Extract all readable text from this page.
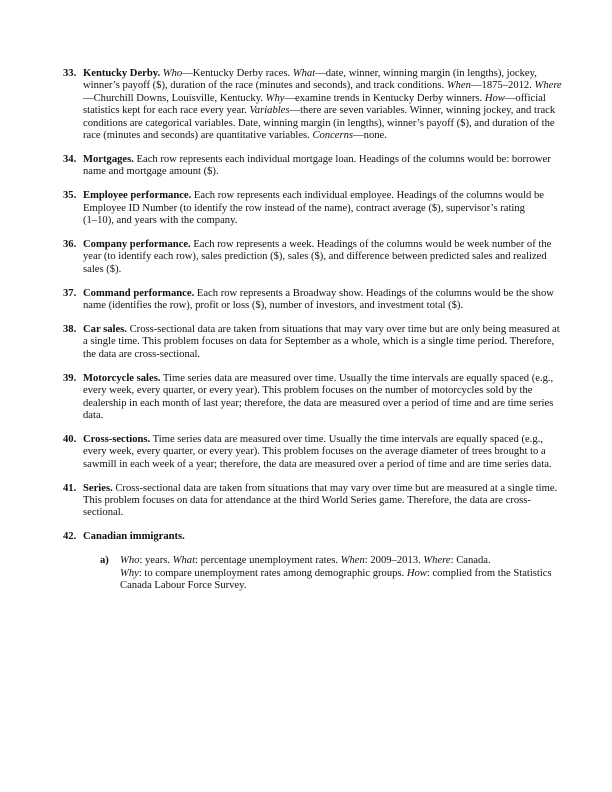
33. Kentucky Derby. Who—Kentucky Derby races. What—date, winner, winning margin (in lengths), jockey, winner’s payoff ($), duration of the race (minutes and seconds), and track conditions. When—1875–2012. Where—Churchill Downs, Louisville, Kentucky. Why—examine trends in Kentucky Derby winners. How—official statistics kept for each race every year. Variables—there are seven variables. Winner, winning jockey, and track conditions are categorical variables. Date, winning margin (in lengths), winner’s payoff ($), and duration of the race (minutes and seconds) are quantitative variables. Concerns—none.
34. Mortgages. Each row represents each individual mortgage loan. Headings of the columns would be: borrower name and mortgage amount ($).
35. Employee performance. Each row represents each individual employee. Headings of the columns would be Employee ID Number (to identify the row instead of the name), contract average ($), supervisor’s rating
(1–10), and years with the company.
36. Company performance. Each row represents a week. Headings of the columns would be week number of the year (to identify each row), sales prediction ($), sales ($), and difference between predicted sales and realized sales ($).
37. Command performance. Each row represents a Broadway show. Headings of the columns would be the show name (identifies the row), profit or loss ($), number of investors, and investment total ($).
38. Car sales. Cross-sectional data are taken from situations that may vary over time but are only being measured at a single time. This problem focuses on data for September as a whole, which is a single time period. Therefore, the data are cross-sectional.
39. Motorcycle sales. Time series data are measured over time. Usually the time intervals are equally spaced (e.g., every week, every quarter, or every year). This problem focuses on the number of motorcycles sold by the dealership in each month of last year; therefore, the data are measured over a period of time and are time series data.
40. Cross-sections. Time series data are measured over time. Usually the time intervals are equally spaced (e.g., every week, every quarter, or every year). This problem focuses on the average diameter of trees brought to a sawmill in each week of a year; therefore, the data are measured over a period of time and are time series data.
41. Series. Cross-sectional data are taken from situations that may vary over time but are measured at a single time. This problem focuses on data for attendance at the third World Series game. Therefore, the data are cross-sectional.
42. Canadian immigrants.
a) Who: years. What: percentage unemployment rates. When: 2009–2013. Where: Canada.
Why: to compare unemployment rates among demographic groups. How: complied from the Statistics Canada Labour Force Survey.
